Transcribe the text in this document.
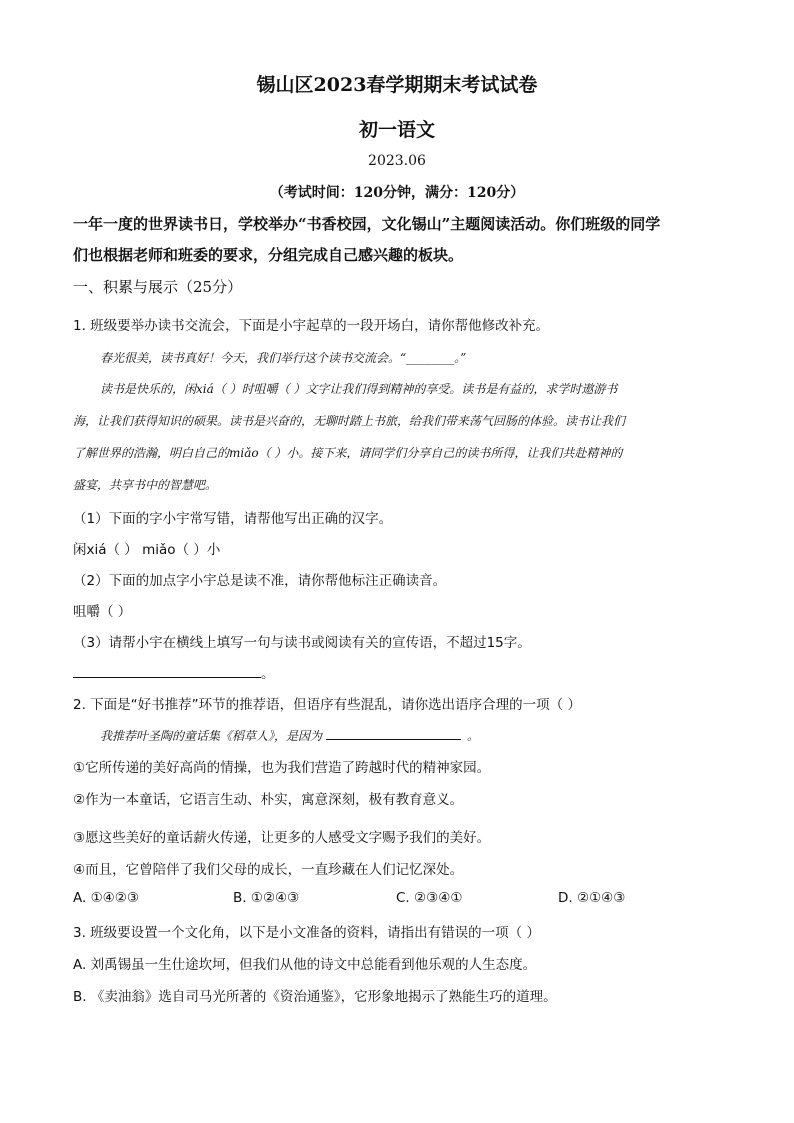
锡山区2023春学期期末考试试卷
初一语文
2023.06
（考试时间：120分钟，满分：120分）
一年一度的世界读书日，学校举办“书香校园，文化锡山”主题阅读活动。你们班级的同学
们也根据老师和班委的要求，分组完成自己感兴趣的板块。
一、积累与展示（25分）
1. 班级要举办读书交流会，下面是小宇起草的一段开场白，请你帮他修改补充。
春光很美，读书真好！今天，我们举行这个读书交流会。“________。”
读书是快乐的，闲xiá（ ）时咀嚼（ ）文字让我们得到精神的享受。读书是有益的，求学时遨游书
海，让我们获得知识的硕果。读书是兴奋的，无聊时踏上书旅，给我们带来荡气回肠的体验。读书让我们
了解世界的浩瀚，明白自己的miǎo（ ）小。接下来，请同学们分享自己的读书所得，让我们共赴精神的
盛宴，共享书中的智慧吧。
（1）下面的字小宇常写错，请帮他写出正确的汉字。
闲xiá（ ） miǎo（ ）小
（2）下面的加点字小宇总是读不准，请你帮他标注正确读音。
咀嚼（ ）
（3）请帮小宇在横线上填写一句与读书或阅读有关的宣传语，不超过15字。
。
2. 下面是“好书推荐”环节的推荐语，但语序有些混乱，请你选出语序合理的一项（ ）
我推荐叶圣陶的童话集《稻草人》，是因为	。
①它所传递的美好高尚的情操，也为我们营造了跨越时代的精神家园。
②作为一本童话，它语言生动、朴实，寓意深刻，极有教育意义。
③愿这些美好的童话薪火传递，让更多的人感受文字赐予我们的美好。
④而且，它曾陪伴了我们父母的成长，一直珍藏在人们记忆深处。
A. ①④②③	B. ①②④③	C. ②③④①	D. ②①④③
3. 班级要设置一个文化角，以下是小文准备的资料，请指出有错误的一项（ ）
A. 刘禹锡虽一生仕途坎坷，但我们从他的诗文中总能看到他乐观的人生态度。
B. 《卖油翁》选自司马光所著的《资治通鉴》，它形象地揭示了熟能生巧的道理。
